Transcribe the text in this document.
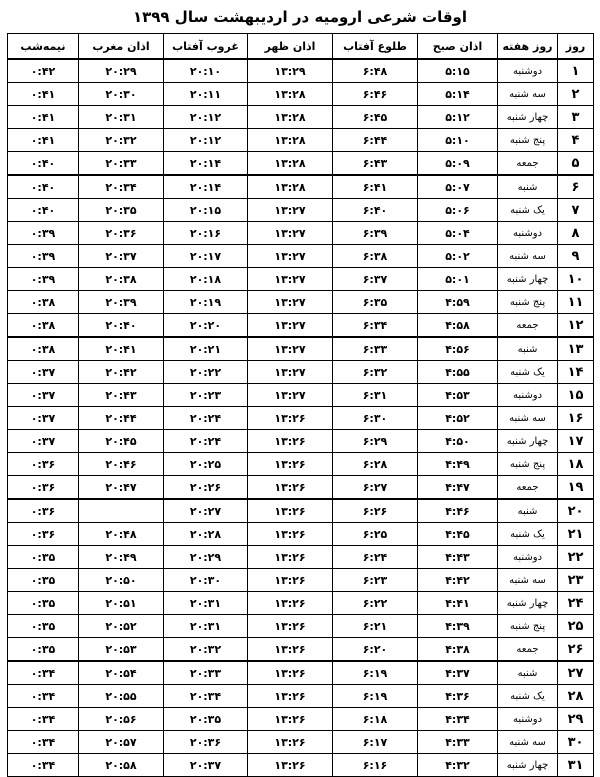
اوقات شرعی ارومیه در اردیبهشت سال ۱۳۹۹
روز	روز هفته	اذان صبح	طلوع آفتاب	اذان ظهر	غروب آفتاب	اذان مغرب	نیمه‌شب
۱	دوشنبه	۵:۱۵	۶:۴۸	۱۳:۲۹	۲۰:۱۰	۲۰:۲۹	۰:۴۲
۲	سه شنبه	۵:۱۴	۶:۴۶	۱۳:۲۸	۲۰:۱۱	۲۰:۳۰	۰:۴۱
۳	چهار شنبه	۵:۱۲	۶:۴۵	۱۳:۲۸	۲۰:۱۲	۲۰:۳۱	۰:۴۱
۴	پنج شنبه	۵:۱۰	۶:۴۴	۱۳:۲۸	۲۰:۱۲	۲۰:۳۲	۰:۴۱
۵	جمعه	۵:۰۹	۶:۴۳	۱۳:۲۸	۲۰:۱۴	۲۰:۳۳	۰:۴۰
۶	شنبه	۵:۰۷	۶:۴۱	۱۳:۲۸	۲۰:۱۴	۲۰:۳۴	۰:۴۰
۷	یک شنبه	۵:۰۶	۶:۴۰	۱۳:۲۷	۲۰:۱۵	۲۰:۳۵	۰:۴۰
۸	دوشنبه	۵:۰۴	۶:۳۹	۱۳:۲۷	۲۰:۱۶	۲۰:۳۶	۰:۳۹
۹	سه شنبه	۵:۰۲	۶:۳۸	۱۳:۲۷	۲۰:۱۷	۲۰:۳۷	۰:۳۹
۱۰	چهار شنبه	۵:۰۱	۶:۳۷	۱۳:۲۷	۲۰:۱۸	۲۰:۳۸	۰:۳۹
۱۱	پنج شنبه	۴:۵۹	۶:۳۵	۱۳:۲۷	۲۰:۱۹	۲۰:۳۹	۰:۳۸
۱۲	جمعه	۴:۵۸	۶:۳۴	۱۳:۲۷	۲۰:۲۰	۲۰:۴۰	۰:۳۸
۱۳	شنبه	۴:۵۶	۶:۳۳	۱۳:۲۷	۲۰:۲۱	۲۰:۴۱	۰:۳۸
۱۴	یک شنبه	۴:۵۵	۶:۳۲	۱۳:۲۷	۲۰:۲۲	۲۰:۴۲	۰:۳۷
۱۵	دوشنبه	۴:۵۳	۶:۳۱	۱۳:۲۷	۲۰:۲۳	۲۰:۴۳	۰:۳۷
۱۶	سه شنبه	۴:۵۲	۶:۳۰	۱۳:۲۶	۲۰:۲۴	۲۰:۴۴	۰:۳۷
۱۷	چهار شنبه	۴:۵۰	۶:۲۹	۱۳:۲۶	۲۰:۲۴	۲۰:۴۵	۰:۳۷
۱۸	پنج شنبه	۴:۴۹	۶:۲۸	۱۳:۲۶	۲۰:۲۵	۲۰:۴۶	۰:۳۶
۱۹	جمعه	۴:۴۷	۶:۲۷	۱۳:۲۶	۲۰:۲۶	۲۰:۴۷	۰:۳۶
۲۰	شنبه	۴:۴۶	۶:۲۶	۱۳:۲۶	۲۰:۲۷		۰:۳۶
۲۱	یک شنبه	۴:۴۵	۶:۲۵	۱۳:۲۶	۲۰:۲۸	۲۰:۴۸	۰:۳۶
۲۲	دوشنبه	۴:۴۳	۶:۲۴	۱۳:۲۶	۲۰:۲۹	۲۰:۴۹	۰:۳۵
۲۳	سه شنبه	۴:۴۲	۶:۲۳	۱۳:۲۶	۲۰:۳۰	۲۰:۵۰	۰:۳۵
۲۴	چهار شنبه	۴:۴۱	۶:۲۲	۱۳:۲۶	۲۰:۳۱	۲۰:۵۱	۰:۳۵
۲۵	پنج شنبه	۴:۳۹	۶:۲۱	۱۳:۲۶	۲۰:۳۱	۲۰:۵۲	۰:۳۵
۲۶	جمعه	۴:۳۸	۶:۲۰	۱۳:۲۶	۲۰:۳۲	۲۰:۵۳	۰:۳۵
۲۷	شنبه	۴:۳۷	۶:۱۹	۱۳:۲۶	۲۰:۳۳	۲۰:۵۴	۰:۳۴
۲۸	یک شنبه	۴:۳۶	۶:۱۹	۱۳:۲۶	۲۰:۳۴	۲۰:۵۵	۰:۳۴
۲۹	دوشنبه	۴:۳۴	۶:۱۸	۱۳:۲۶	۲۰:۳۵	۲۰:۵۶	۰:۳۴
۳۰	سه شنبه	۴:۳۳	۶:۱۷	۱۳:۲۶	۲۰:۳۶	۲۰:۵۷	۰:۳۴
۳۱	چهار شنبه	۴:۳۲	۶:۱۶	۱۳:۲۶	۲۰:۳۷	۲۰:۵۸	۰:۳۴
